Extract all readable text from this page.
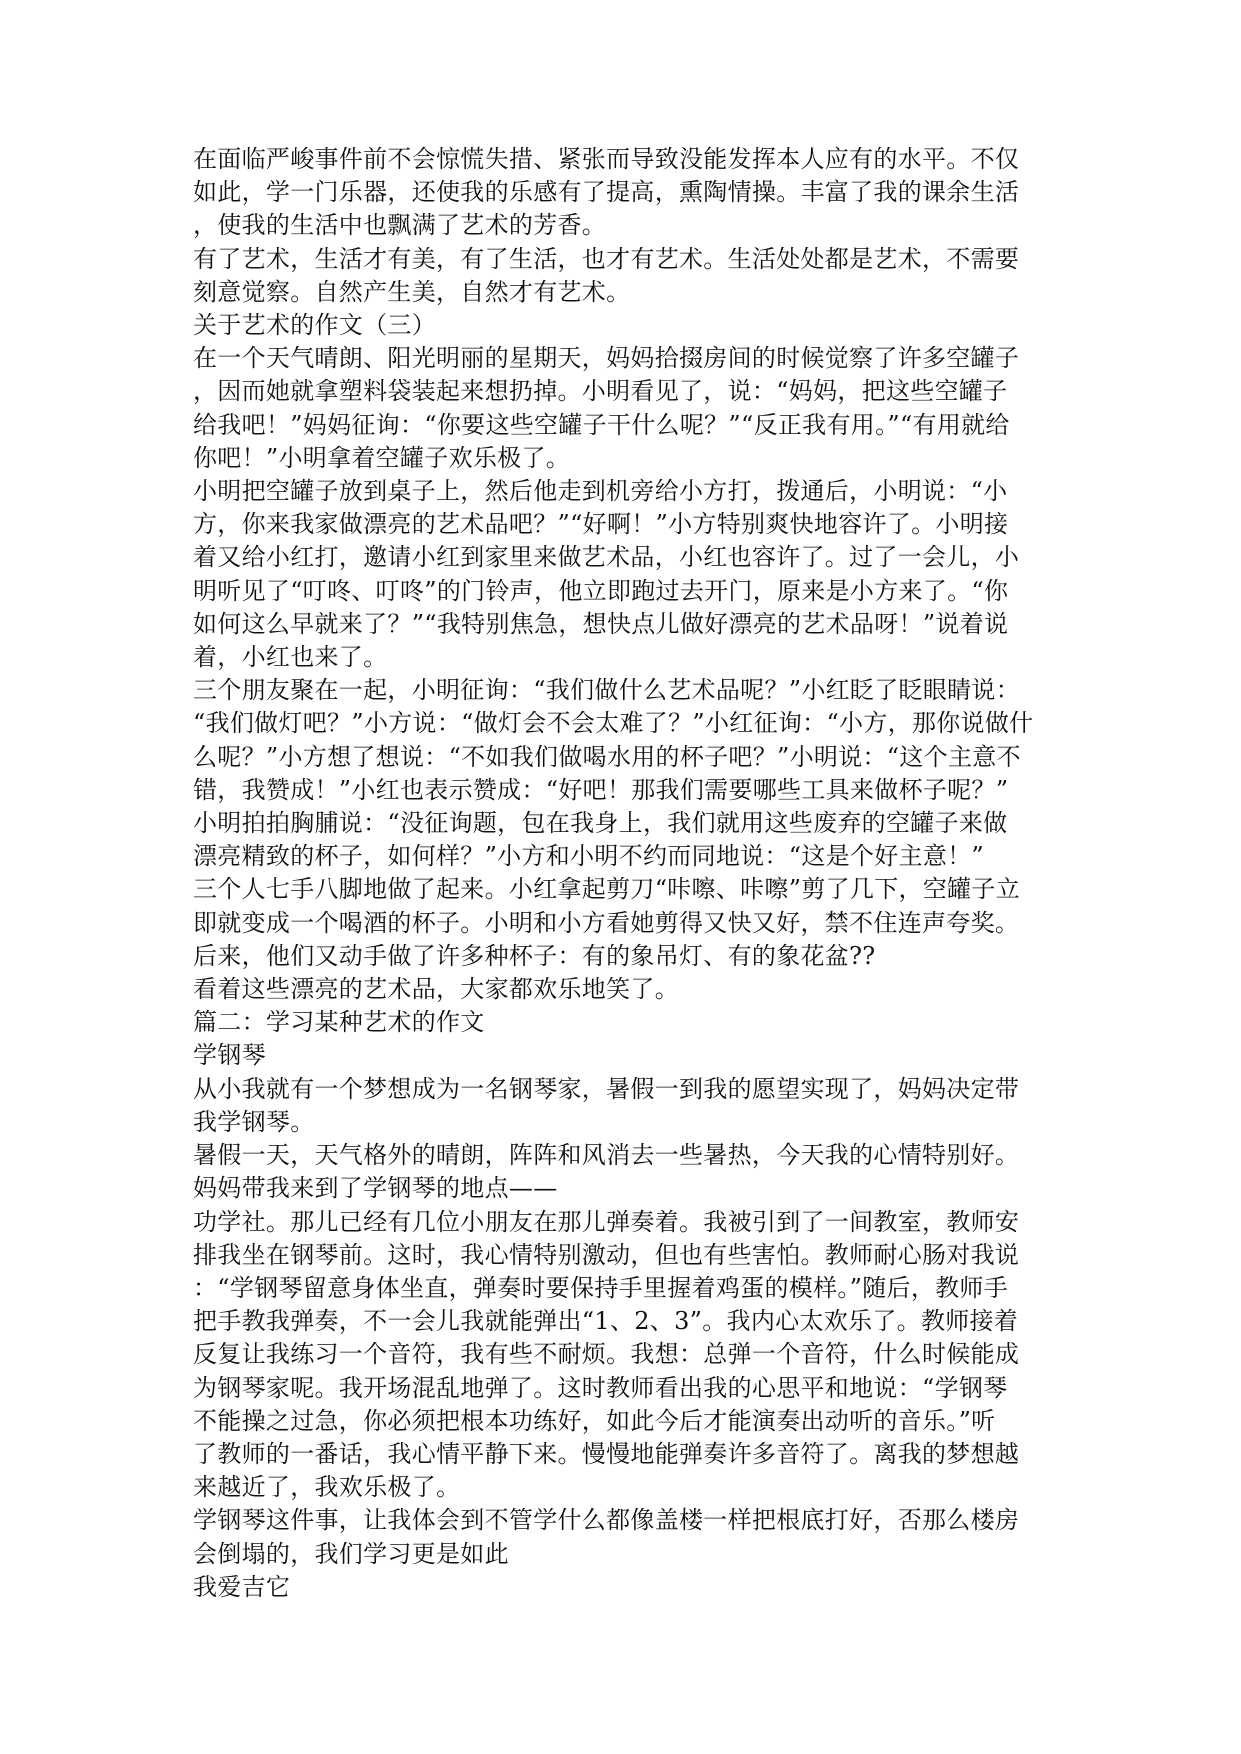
在面临严峻事件前不会惊慌失措、紧张而导致没能发挥本人应有的水平。不仅
如此，学一门乐器，还使我的乐感有了提高，熏陶情操。丰富了我的课余生活
，使我的生活中也飘满了艺术的芳香。
有了艺术，生活才有美，有了生活，也才有艺术。生活处处都是艺术，不需要
刻意觉察。自然产生美，自然才有艺术。
关于艺术的作文（三）
在一个天气晴朗、阳光明丽的星期天，妈妈拾掇房间的时候觉察了许多空罐子
，因而她就拿塑料袋装起来想扔掉。小明看见了，说：“妈妈，把这些空罐子
给我吧！”妈妈征询：“你要这些空罐子干什么呢？”“反正我有用。”“有用就给
你吧！”小明拿着空罐子欢乐极了。
小明把空罐子放到桌子上，然后他走到机旁给小方打，拨通后，小明说：“小
方，你来我家做漂亮的艺术品吧？”“好啊！”小方特别爽快地容许了。小明接
着又给小红打，邀请小红到家里来做艺术品，小红也容许了。过了一会儿，小
明听见了“叮咚、叮咚”的门铃声，他立即跑过去开门，原来是小方来了。“你
如何这么早就来了？”“我特别焦急，想快点儿做好漂亮的艺术品呀！”说着说
着，小红也来了。
三个朋友聚在一起，小明征询：“我们做什么艺术品呢？”小红眨了眨眼睛说：
“我们做灯吧？”小方说：“做灯会不会太难了？”小红征询：“小方，那你说做什
么呢？”小方想了想说：“不如我们做喝水用的杯子吧？”小明说：“这个主意不
错，我赞成！”小红也表示赞成：“好吧！那我们需要哪些工具来做杯子呢？”
小明拍拍胸脯说：“没征询题，包在我身上，我们就用这些废弃的空罐子来做
漂亮精致的杯子，如何样？”小方和小明不约而同地说：“这是个好主意！”
三个人七手八脚地做了起来。小红拿起剪刀“咔嚓、咔嚓”剪了几下，空罐子立
即就变成一个喝酒的杯子。小明和小方看她剪得又快又好，禁不住连声夸奖。
后来，他们又动手做了许多种杯子：有的象吊灯、有的象花盆??
看着这些漂亮的艺术品，大家都欢乐地笑了。
篇二：学习某种艺术的作文
学钢琴
从小我就有一个梦想成为一名钢琴家，暑假一到我的愿望实现了，妈妈决定带
我学钢琴。
暑假一天，天气格外的晴朗，阵阵和风消去一些暑热，今天我的心情特别好。
妈妈带我来到了学钢琴的地点——
功学社。那儿已经有几位小朋友在那儿弹奏着。我被引到了一间教室，教师安
排我坐在钢琴前。这时，我心情特别激动，但也有些害怕。教师耐心肠对我说
：“学钢琴留意身体坐直，弹奏时要保持手里握着鸡蛋的模样。”随后，教师手
把手教我弹奏，不一会儿我就能弹出“1、2、3”。我内心太欢乐了。教师接着
反复让我练习一个音符，我有些不耐烦。我想：总弹一个音符，什么时候能成
为钢琴家呢。我开场混乱地弹了。这时教师看出我的心思平和地说：“学钢琴
不能操之过急，你必须把根本功练好，如此今后才能演奏出动听的音乐。”听
了教师的一番话，我心情平静下来。慢慢地能弹奏许多音符了。离我的梦想越
来越近了，我欢乐极了。
学钢琴这件事，让我体会到不管学什么都像盖楼一样把根底打好，否那么楼房
会倒塌的，我们学习更是如此
我爱吉它
